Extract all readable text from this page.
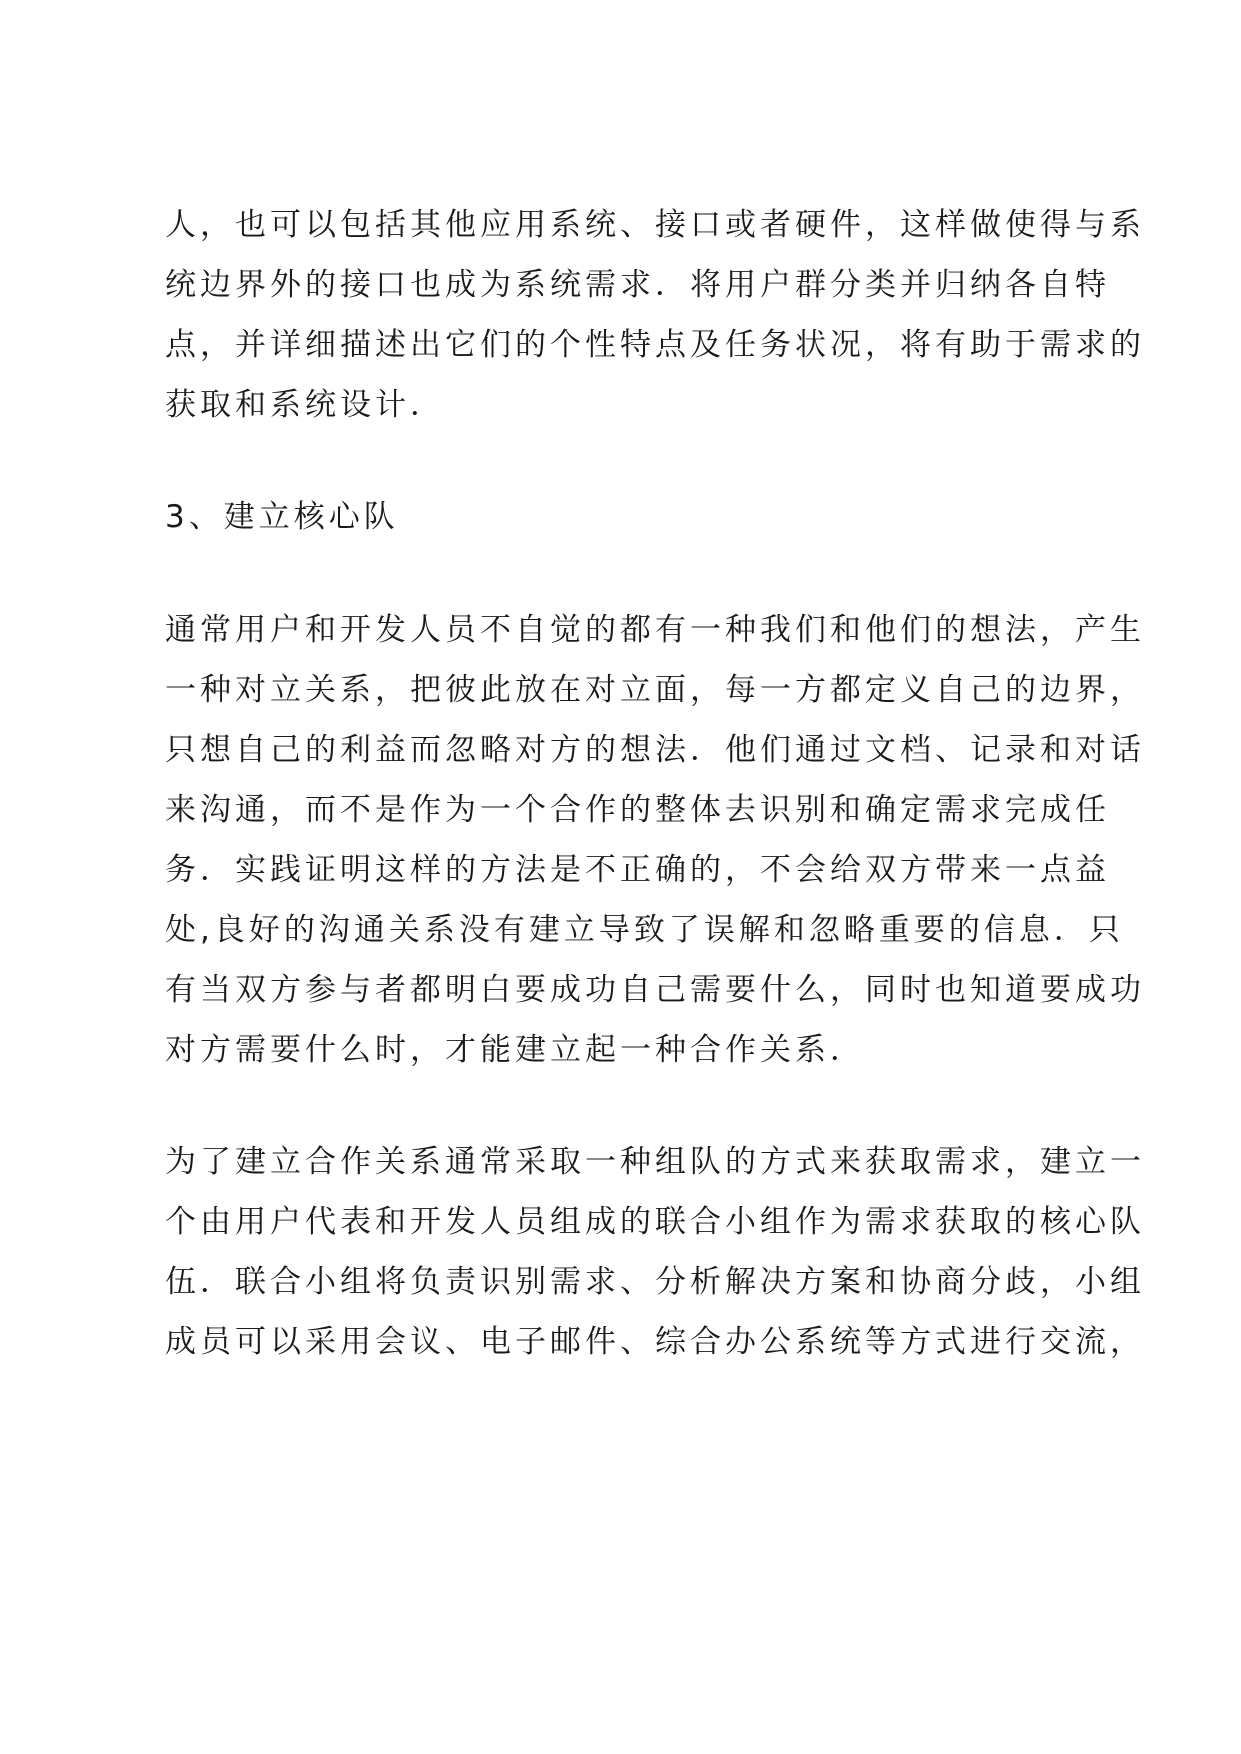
人，也可以包括其他应用系统、接口或者硬件，这样做使得与系
统边界外的接口也成为系统需求．将用户群分类并归纳各自特
点，并详细描述出它们的个性特点及任务状况，将有助于需求的
获取和系统设计．
3、建立核心队
通常用户和开发人员不自觉的都有一种我们和他们的想法，产生
一种对立关系，把彼此放在对立面，每一方都定义自己的边界，
只想自己的利益而忽略对方的想法．他们通过文档、记录和对话
来沟通，而不是作为一个合作的整体去识别和确定需求完成任
务．实践证明这样的方法是不正确的，不会给双方带来一点益
处,良好的沟通关系没有建立导致了误解和忽略重要的信息．只
有当双方参与者都明白要成功自己需要什么，同时也知道要成功
对方需要什么时，才能建立起一种合作关系．
为了建立合作关系通常采取一种组队的方式来获取需求，建立一
个由用户代表和开发人员组成的联合小组作为需求获取的核心队
伍．联合小组将负责识别需求、分析解决方案和协商分歧，小组
成员可以采用会议、电子邮件、综合办公系统等方式进行交流，
